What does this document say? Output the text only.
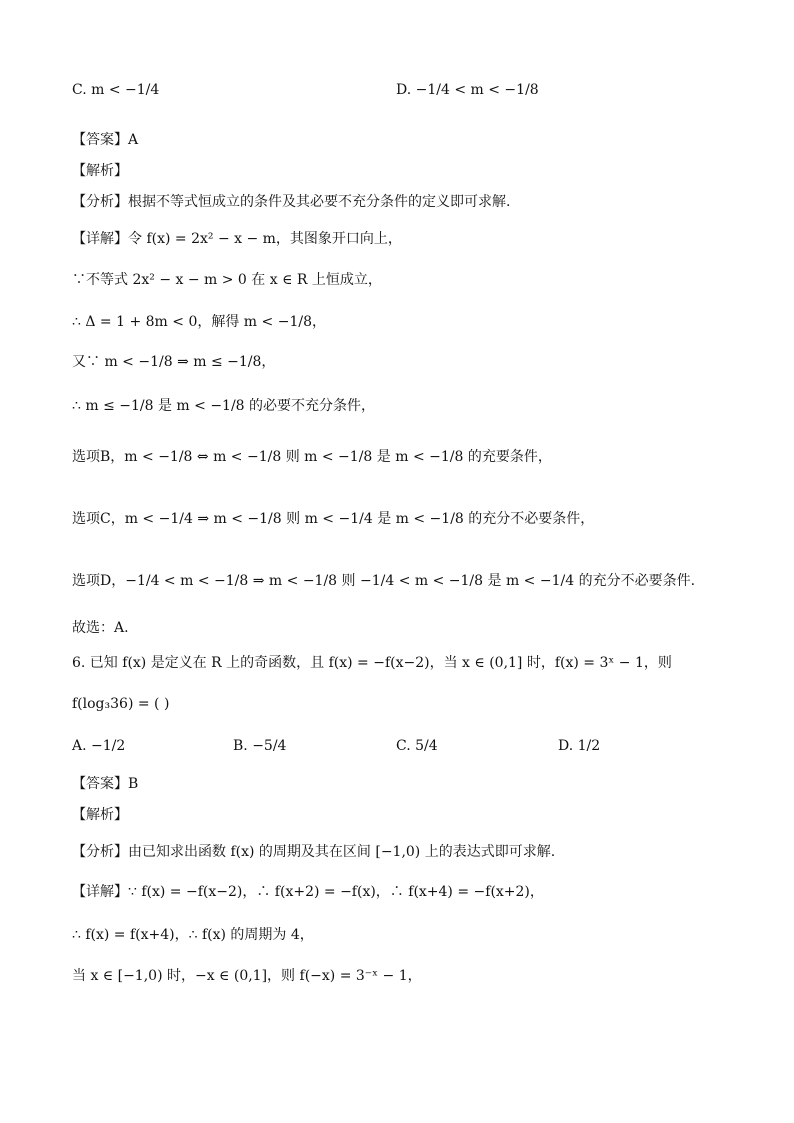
C. m < −1/4	D. −1/4 < m < −1/8
【答案】A
【解析】
【分析】根据不等式恒成立的条件及其必要不充分条件的定义即可求解.
【详解】令 f(x) = 2x² − x − m，其图象开口向上，
∵不等式 2x² − x − m > 0 在 x ∈ R 上恒成立，
∴ Δ = 1 + 8m < 0，解得 m < −1/8，
又∵ m < −1/8 ⇒ m ≤ −1/8，
∴ m ≤ −1/8 是 m < −1/8 的必要不充分条件，
选项B，m < −1/8 ⇔ m < −1/8 则 m < −1/8 是 m < −1/8 的充要条件，
选项C，m < −1/4 ⇒ m < −1/8 则 m < −1/4 是 m < −1/8 的充分不必要条件，
选项D，−1/4 < m < −1/8 ⇒ m < −1/8 则 −1/4 < m < −1/8 是 m < −1/4 的充分不必要条件.
故选：A.
6. 已知 f(x) 是定义在 R 上的奇函数，且 f(x) = −f(x−2)，当 x ∈ (0,1] 时，f(x) = 3ˣ − 1，则
f(log₃36) = ( )
A. −1/2	B. −5/4	C. 5/4	D. 1/2
【答案】B
【解析】
【分析】由已知求出函数 f(x) 的周期及其在区间 [−1,0) 上的表达式即可求解.
【详解】∵ f(x) = −f(x−2)，∴ f(x+2) = −f(x)，∴ f(x+4) = −f(x+2)，
∴ f(x) = f(x+4)，∴ f(x) 的周期为 4，
当 x ∈ [−1,0) 时，−x ∈ (0,1]，则 f(−x) = 3⁻ˣ − 1，
